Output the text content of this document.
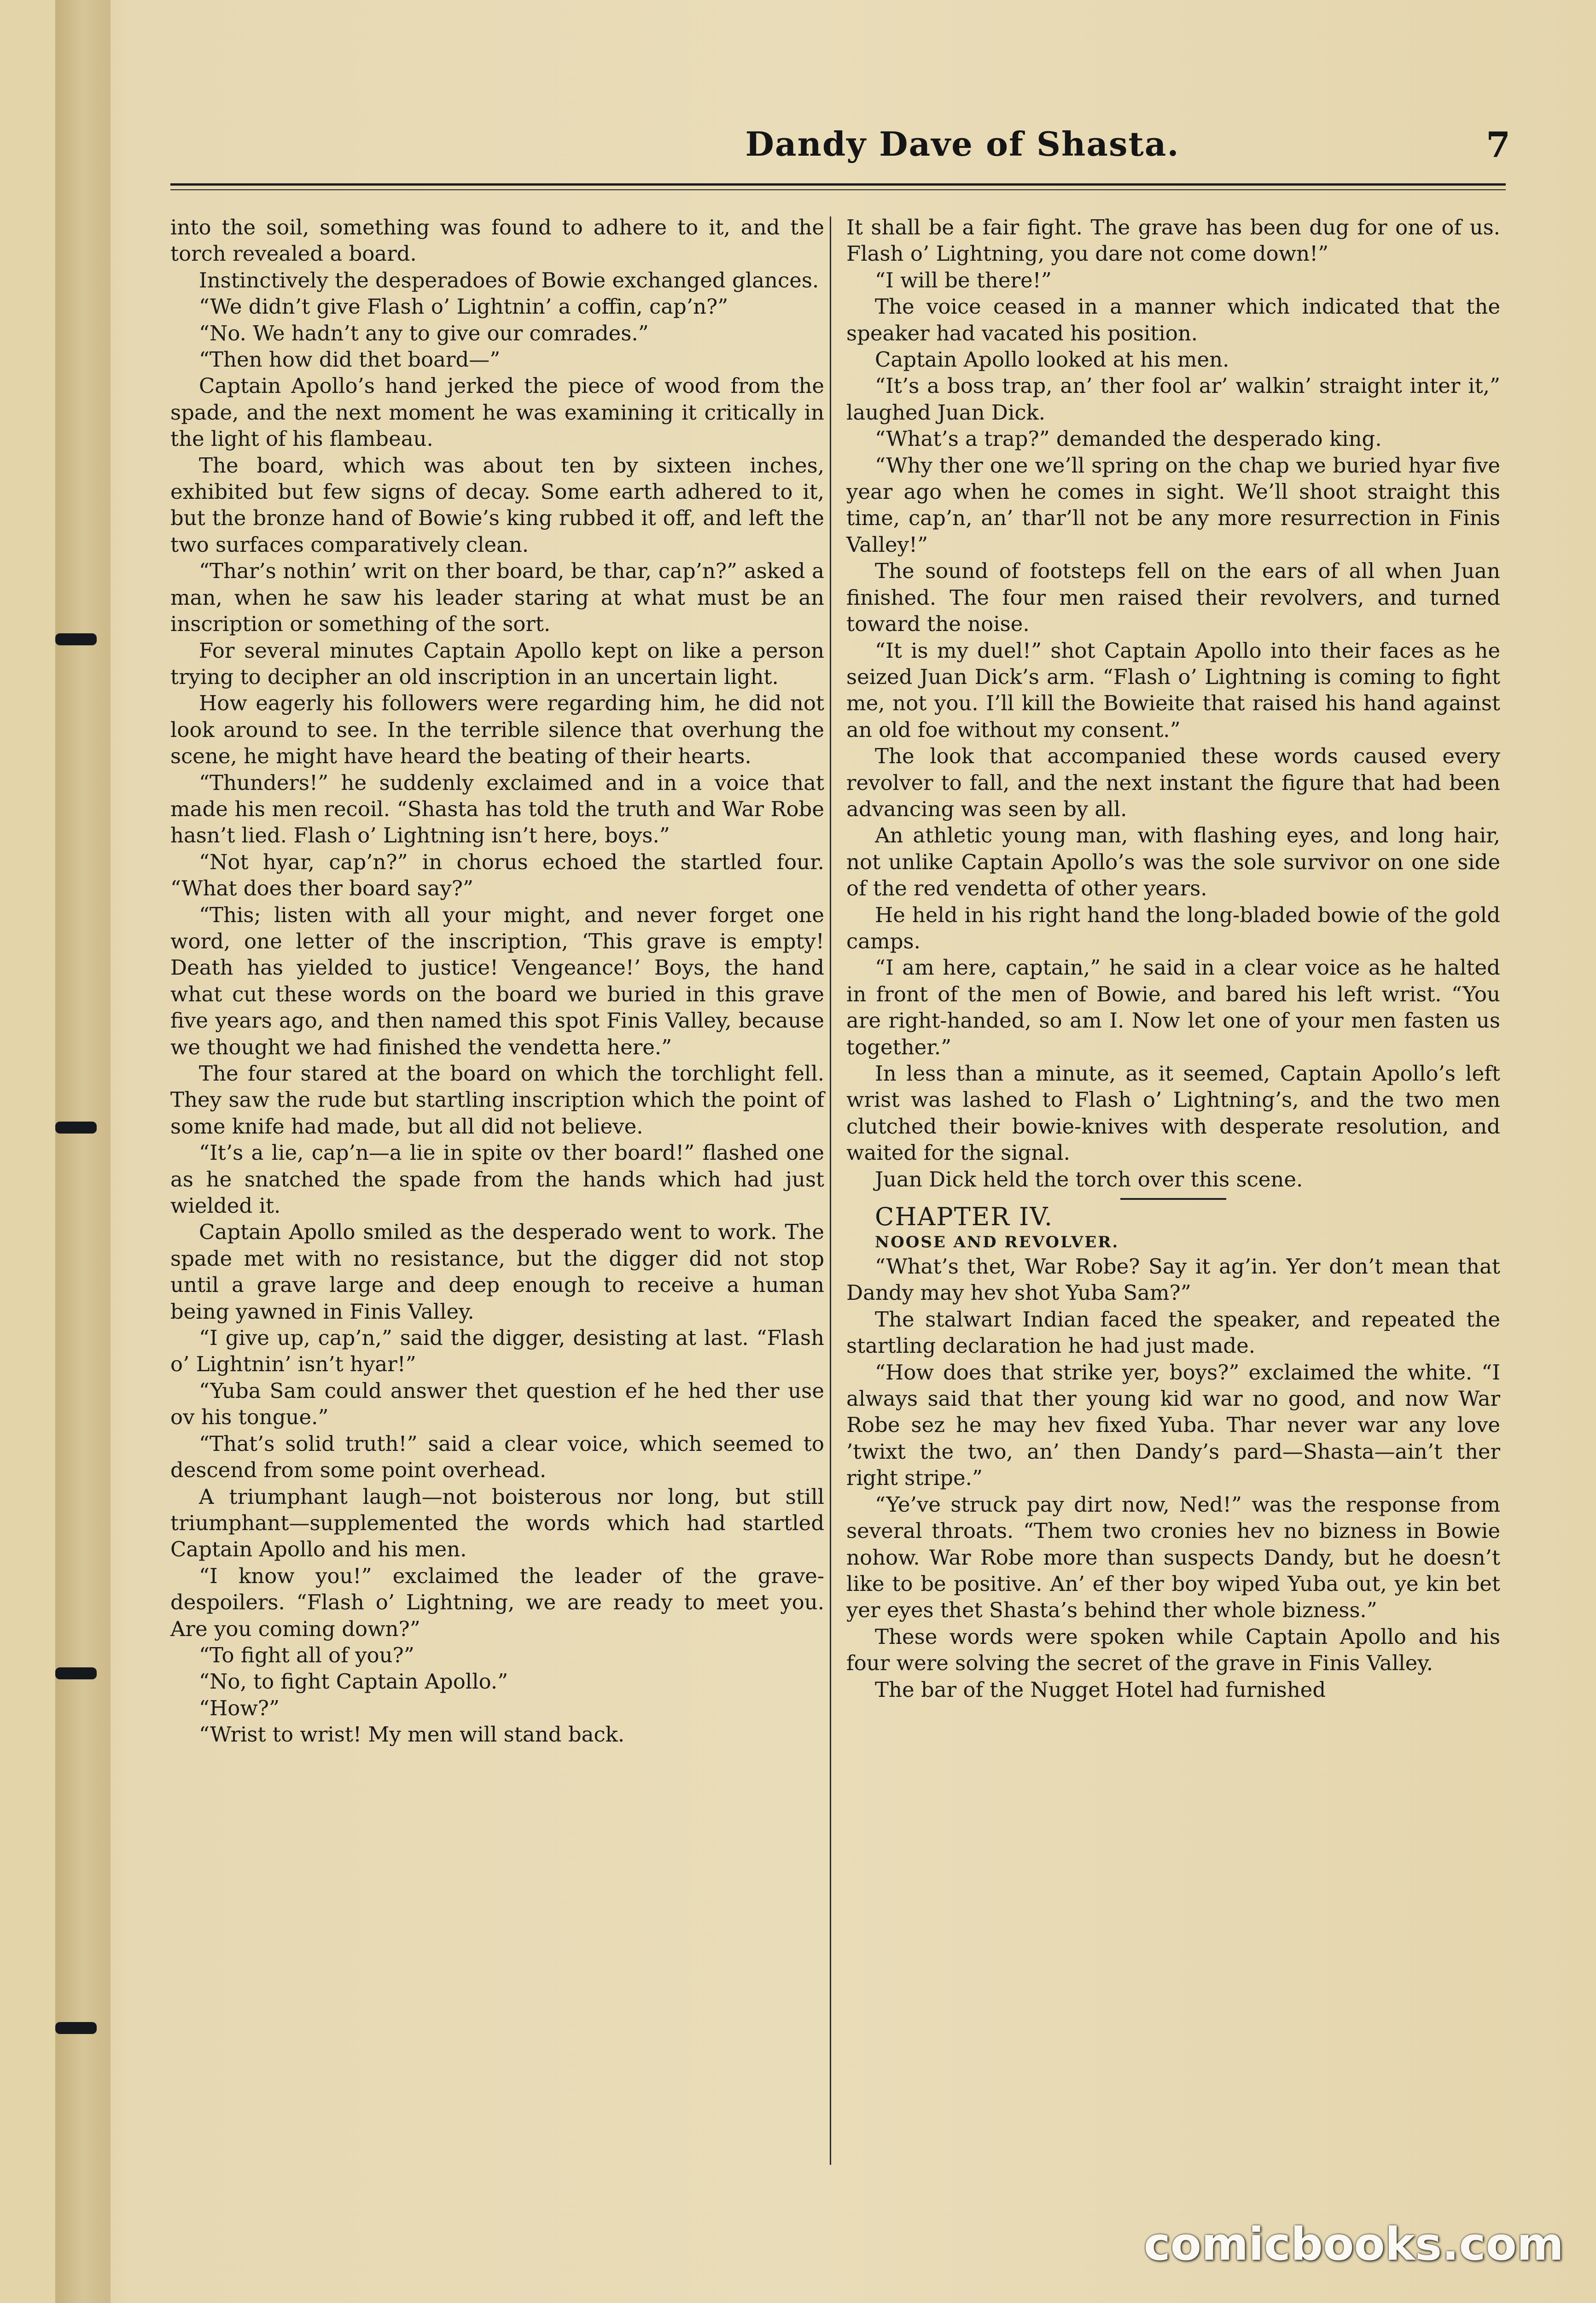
Dandy Dave of Shasta.	7

into the soil, something was found to adhere to it, and the torch revealed a board.

Instinctively the desperadoes of Bowie exchanged glances.

“We didn’t give Flash o’ Lightnin’ a coffin, cap’n?”

“No. We hadn’t any to give our comrades.”

“Then how did thet board—”

Captain Apollo’s hand jerked the piece of wood from the spade, and the next moment he was examining it critically in the light of his flambeau.

The board, which was about ten by sixteen inches, exhibited but few signs of decay. Some earth adhered to it, but the bronze hand of Bowie’s king rubbed it off, and left the two surfaces comparatively clean.

“Thar’s nothin’ writ on ther board, be thar, cap’n?” asked a man, when he saw his leader staring at what must be an inscription or something of the sort.

For several minutes Captain Apollo kept on like a person trying to decipher an old inscription in an uncertain light.

How eagerly his followers were regarding him, he did not look around to see. In the terrible silence that overhung the scene, he might have heard the beating of their hearts.

“Thunders!” he suddenly exclaimed and in a voice that made his men recoil. “Shasta has told the truth and War Robe hasn’t lied. Flash o’ Lightning isn’t here, boys.”

“Not hyar, cap’n?” in chorus echoed the startled four. “What does ther board say?”

“This; listen with all your might, and never forget one word, one letter of the inscription, ‘This grave is empty! Death has yielded to justice! Vengeance!’ Boys, the hand what cut these words on the board we buried in this grave five years ago, and then named this spot Finis Valley, because we thought we had finished the vendetta here.”

The four stared at the board on which the torchlight fell. They saw the rude but startling inscription which the point of some knife had made, but all did not believe.

“It’s a lie, cap’n—a lie in spite ov ther board!” flashed one as he snatched the spade from the hands which had just wielded it.

Captain Apollo smiled as the desperado went to work. The spade met with no resistance, but the digger did not stop until a grave large and deep enough to receive a human being yawned in Finis Valley.

“I give up, cap’n,” said the digger, desisting at last. “Flash o’ Lightnin’ isn’t hyar!”

“Yuba Sam could answer thet question ef he hed ther use ov his tongue.”

“That’s solid truth!” said a clear voice, which seemed to descend from some point overhead.

A triumphant laugh—not boisterous nor long, but still triumphant—supplemented the words which had startled Captain Apollo and his men.

“I know you!” exclaimed the leader of the grave-despoilers. “Flash o’ Lightning, we are ready to meet you. Are you coming down?”

“To fight all of you?”

“No, to fight Captain Apollo.”

“How?”

“Wrist to wrist! My men will stand back.

It shall be a fair fight. The grave has been dug for one of us. Flash o’ Lightning, you dare not come down!”

“I will be there!”

The voice ceased in a manner which indicated that the speaker had vacated his position.

Captain Apollo looked at his men.

“It’s a boss trap, an’ ther fool ar’ walkin’ straight inter it,” laughed Juan Dick.

“What’s a trap?” demanded the desperado king.

“Why ther one we’ll spring on the chap we buried hyar five year ago when he comes in sight. We’ll shoot straight this time, cap’n, an’ thar’ll not be any more resurrection in Finis Valley!”

The sound of footsteps fell on the ears of all when Juan finished. The four men raised their revolvers, and turned toward the noise.

“It is my duel!” shot Captain Apollo into their faces as he seized Juan Dick’s arm. “Flash o’ Lightning is coming to fight me, not you. I’ll kill the Bowieite that raised his hand against an old foe without my consent.”

The look that accompanied these words caused every revolver to fall, and the next instant the figure that had been advancing was seen by all.

An athletic young man, with flashing eyes, and long hair, not unlike Captain Apollo’s was the sole survivor on one side of the red vendetta of other years.

He held in his right hand the long-bladed bowie of the gold camps.

“I am here, captain,” he said in a clear voice as he halted in front of the men of Bowie, and bared his left wrist. “You are right-handed, so am I. Now let one of your men fasten us together.”

In less than a minute, as it seemed, Captain Apollo’s left wrist was lashed to Flash o’ Lightning’s, and the two men clutched their bowie-knives with desperate resolution, and waited for the signal.

Juan Dick held the torch over this scene.

CHAPTER IV.

NOOSE AND REVOLVER.

“What’s thet, War Robe? Say it ag’in. Yer don’t mean that Dandy may hev shot Yuba Sam?”

The stalwart Indian faced the speaker, and repeated the startling declaration he had just made.

“How does that strike yer, boys?” exclaimed the white. “I always said that ther young kid war no good, and now War Robe sez he may hev fixed Yuba. Thar never war any love ’twixt the two, an’ then Dandy’s pard—Shasta—ain’t ther right stripe.”

“Ye’ve struck pay dirt now, Ned!” was the response from several throats. “Them two cronies hev no bizness in Bowie nohow. War Robe more than suspects Dandy, but he doesn’t like to be positive. An’ ef ther boy wiped Yuba out, ye kin bet yer eyes thet Shasta’s behind ther whole bizness.”

These words were spoken while Captain Apollo and his four were solving the secret of the grave in Finis Valley.

The bar of the Nugget Hotel had furnished

comicbooks.com
